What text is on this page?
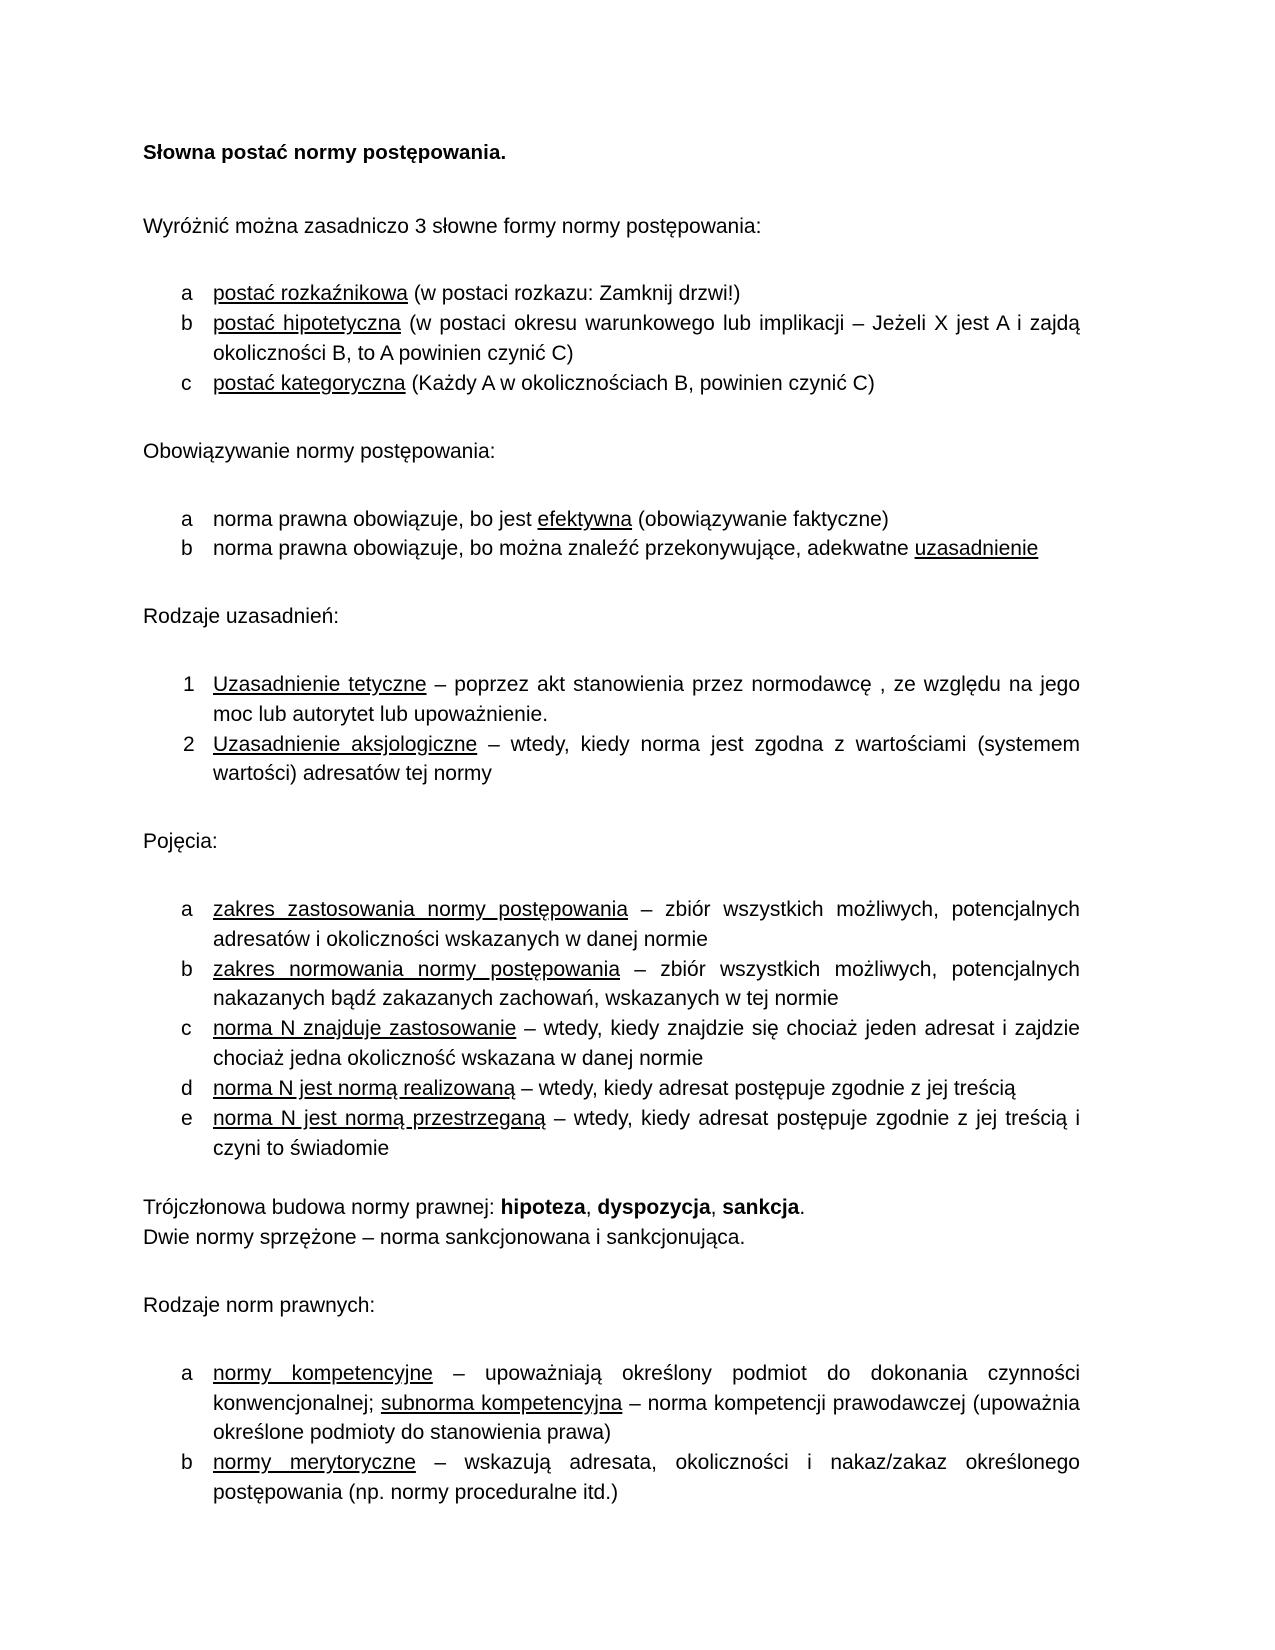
Słowna postać normy postępowania.

Wyróżnić można zasadniczo 3 słowne formy normy postępowania:

a postać rozkaźnikowa (w postaci rozkazu: Zamknij drzwi!)
b postać hipotetyczna (w postaci okresu warunkowego lub implikacji – Jeżeli X jest A i zajdą okoliczności B, to A powinien czynić C)
c	postać kategoryczna (Każdy A w okolicznościach B, powinien czynić C)

Obowiązywanie normy postępowania:

a norma prawna obowiązuje, bo jest efektywna (obowiązywanie faktyczne)
b norma prawna obowiązuje, bo można znaleźć przekonywujące, adekwatne uzasadnienie

Rodzaje uzasadnień:

1 Uzasadnienie tetyczne – poprzez akt stanowienia przez normodawcę , ze względu na jego moc lub autorytet lub upoważnienie.
2 Uzasadnienie aksjologiczne – wtedy, kiedy norma jest zgodna z wartościami (systemem wartości) adresatów tej normy

Pojęcia:

a zakres zastosowania normy postępowania – zbiór wszystkich możliwych, potencjalnych adresatów i okoliczności wskazanych w danej normie
b zakres normowania normy postępowania – zbiór wszystkich możliwych, potencjalnych nakazanych bądź zakazanych zachowań, wskazanych w tej normie
c	norma N znajduje zastosowanie – wtedy, kiedy znajdzie się chociaż jeden adresat i zajdzie chociaż jedna okoliczność wskazana w danej normie
d norma N jest normą realizowaną – wtedy, kiedy adresat postępuje zgodnie z jej treścią
e norma N jest normą przestrzeganą – wtedy, kiedy adresat postępuje zgodnie z jej treścią i czyni to świadomie

Trójczłonowa budowa normy prawnej: hipoteza, dyspozycja, sankcja.

Dwie normy sprzężone – norma sankcjonowana i sankcjonująca.

Rodzaje norm prawnych:

a normy kompetencyjne – upoważniają określony podmiot do dokonania czynności konwencjonalnej; subnorma kompetencyjna – norma kompetencji prawodawczej (upoważnia określone podmioty do stanowienia prawa)
b normy merytoryczne – wskazują adresata, okoliczności i nakaz/zakaz określonego postępowania (np. normy proceduralne itd.)
